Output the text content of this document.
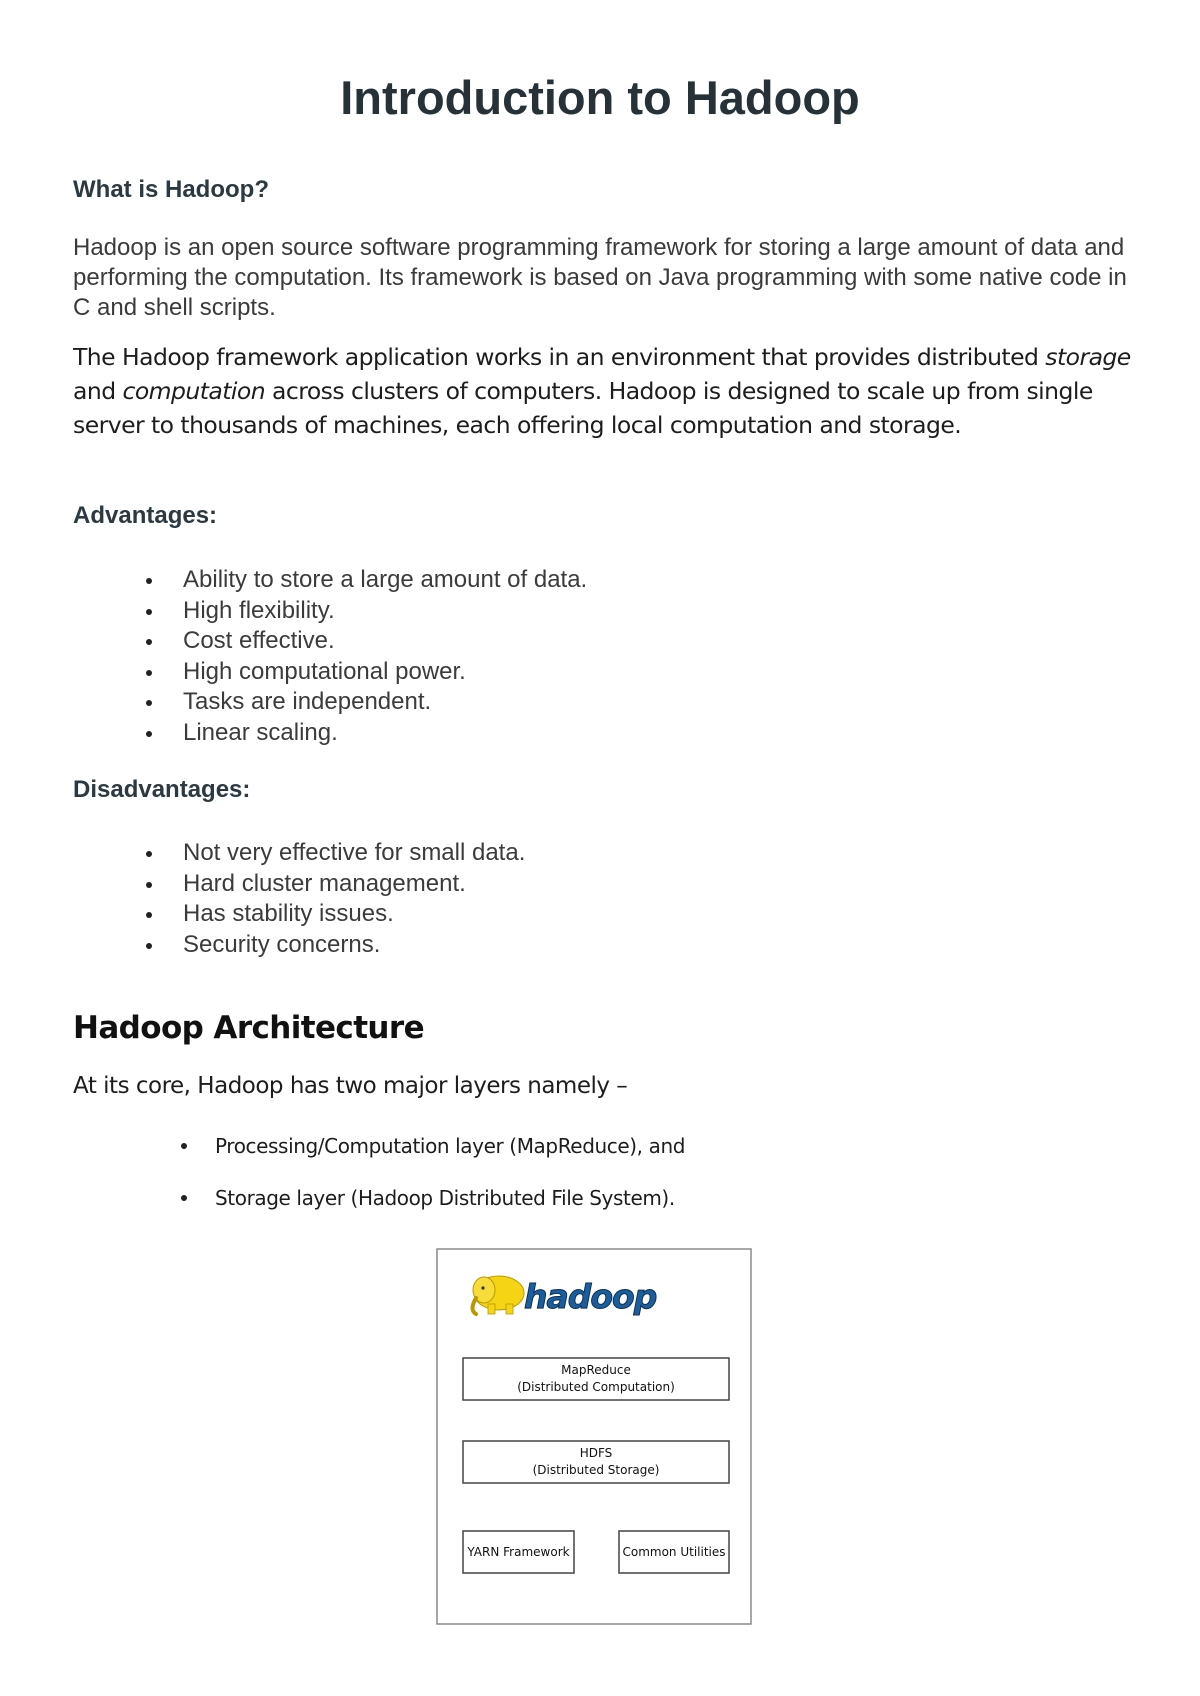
Introduction to Hadoop
What is Hadoop?

Hadoop is an open source software programming framework for storing a large amount of data and performing the computation. Its framework is based on Java programming with some native code in C and shell scripts.

The Hadoop framework application works in an environment that provides distributed storage and computation across clusters of computers. Hadoop is designed to scale up from single server to thousands of machines, each offering local computation and storage.

Advantages:
Ability to store a large amount of data.
High flexibility.
Cost effective.
High computational power.
Tasks are independent.
Linear scaling.
Disadvantages:
Not very effective for small data.
Hard cluster management.
Has stability issues.
Security concerns.
Hadoop Architecture

At its core, Hadoop has two major layers namely –

Processing/Computation layer (MapReduce), and
Storage layer (Hadoop Distributed File System).
hadoop
MapReduce
(Distributed Computation)
HDFS
(Distributed Storage)
YARN Framework	Common Utilities
